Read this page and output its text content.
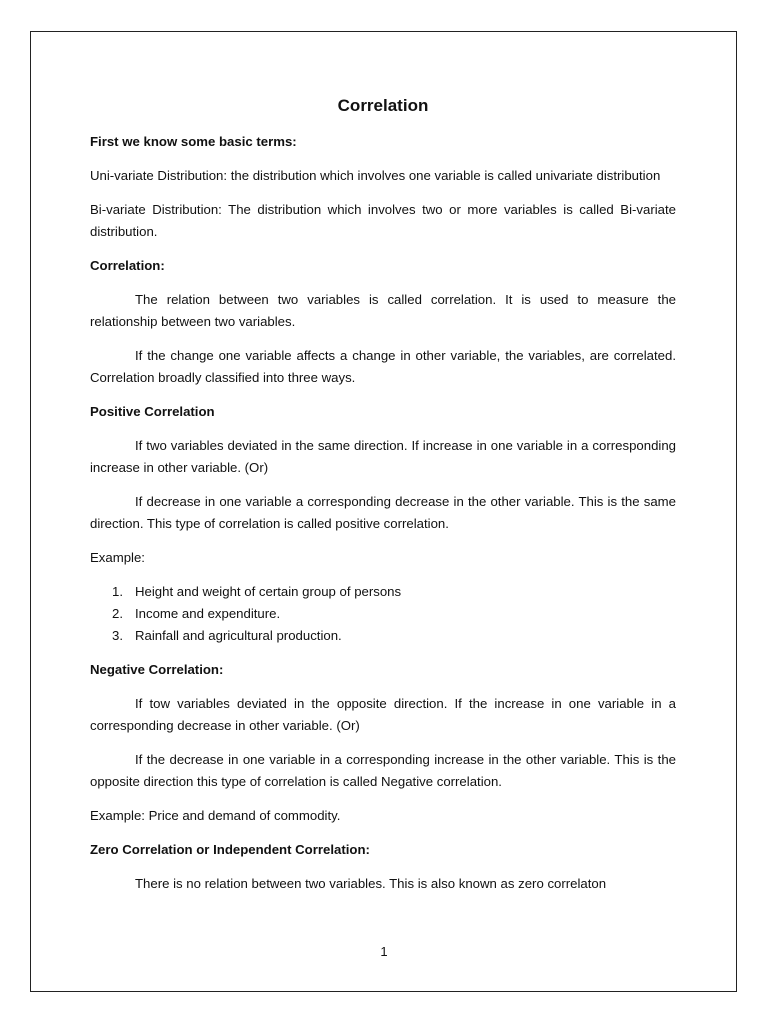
Correlation
First we know some basic terms:
Uni-variate Distribution: the distribution which involves one variable is called univariate distribution
Bi-variate Distribution: The distribution which involves two or more variables is called Bi-variate distribution.
Correlation:
The relation between two variables is called correlation. It is used to measure the relationship between two variables.
If the change one variable affects a change in other variable, the variables, are correlated. Correlation broadly classified into three ways.
Positive Correlation
If two variables deviated in the same direction. If increase in one variable in a corresponding increase in other variable. (Or)
If decrease in one variable a corresponding decrease in the other variable. This is the same direction. This type of correlation is called positive correlation.
Example:
1. Height and weight of certain group of persons
2. Income and expenditure.
3. Rainfall and agricultural production.
Negative Correlation:
If tow variables deviated in the opposite direction. If the increase in one variable in a corresponding decrease in other variable. (Or)
If the decrease in one variable in a corresponding increase in the other variable. This is the opposite direction this type of correlation is called Negative correlation.
Example: Price and demand of commodity.
Zero Correlation or Independent Correlation:
There is no relation between two variables. This is also known as zero correlaton
1
